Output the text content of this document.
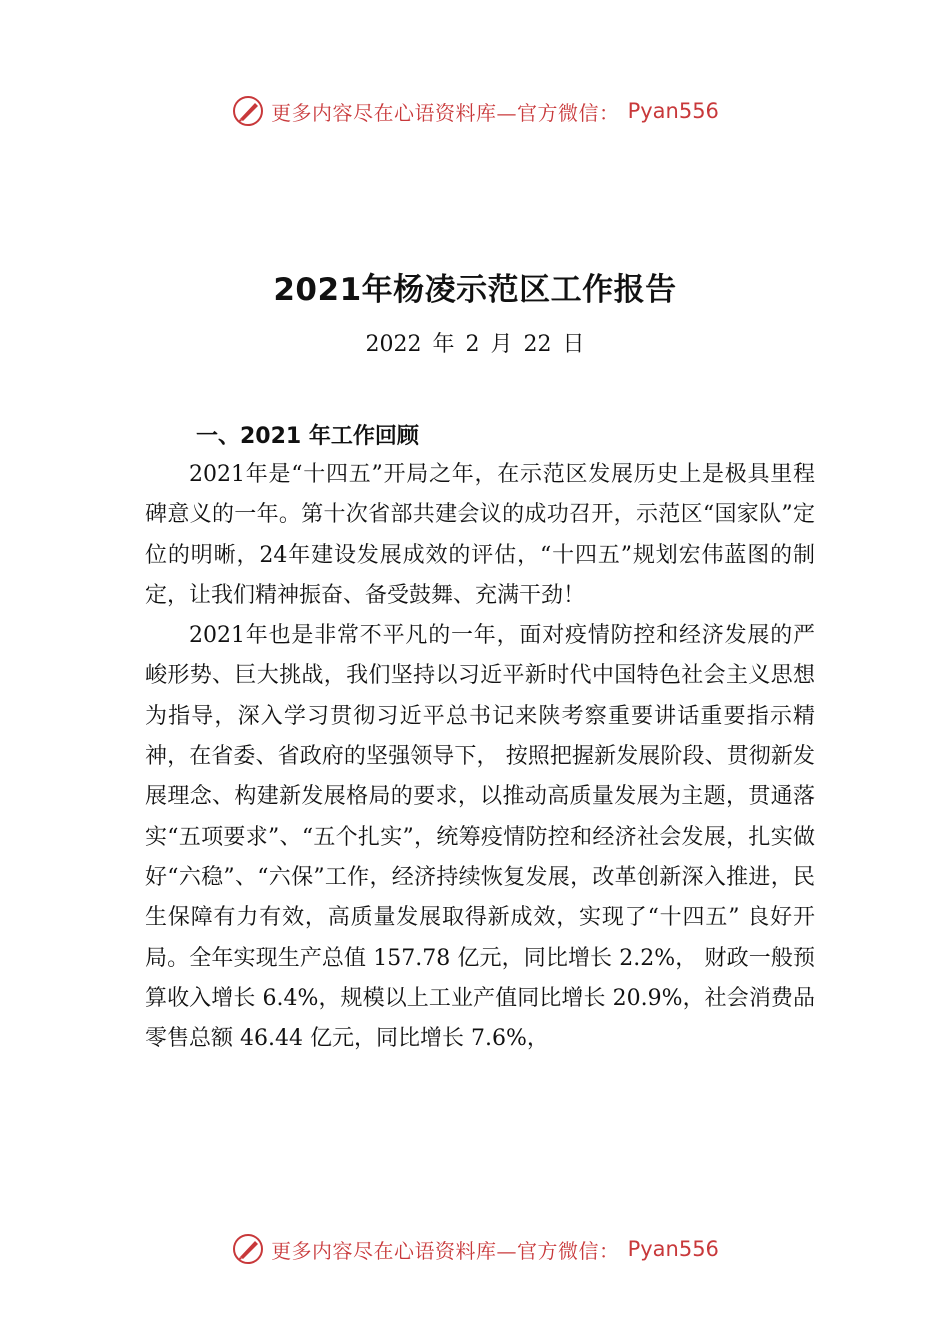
更多内容尽在心语资料库—官方微信： Pyan556
2021年杨凌示范区工作报告
2022 年 2 月 22 日
一、2021 年工作回顾

2021年是“十四五”开局之年，在示范区发展历史上是极具里程碑意义的一年。第十次省部共建会议的成功召开，示范区“国家队”定位的明晰，24年建设发展成效的评估，“十四五”规划宏伟蓝图的制定，让我们精神振奋、备受鼓舞、充满干劲！

2021年也是非常不平凡的一年，面对疫情防控和经济发展的严峻形势、巨大挑战，我们坚持以习近平新时代中国特色社会主义思想为指导，深入学习贯彻习近平总书记来陕考察重要讲话重要指示精神，在省委、省政府的坚强领导下， 按照把握新发展阶段、贯彻新发展理念、构建新发展格局的要求，以推动高质量发展为主题，贯通落实“五项要求”、“五个扎实”，统筹疫情防控和经济社会发展，扎实做好“六稳”、“六保”工作，经济持续恢复发展，改革创新深入推进，民生保障有力有效，高质量发展取得新成效，实现了“十四五” 良好开局。全年实现生产总值 157.78 亿元，同比增长 2.2%， 财政一般预算收入增长 6.4%，规模以上工业产值同比增长 20.9%，社会消费品零售总额 46.44 亿元，同比增长 7.6%，

更多内容尽在心语资料库—官方微信： Pyan556
